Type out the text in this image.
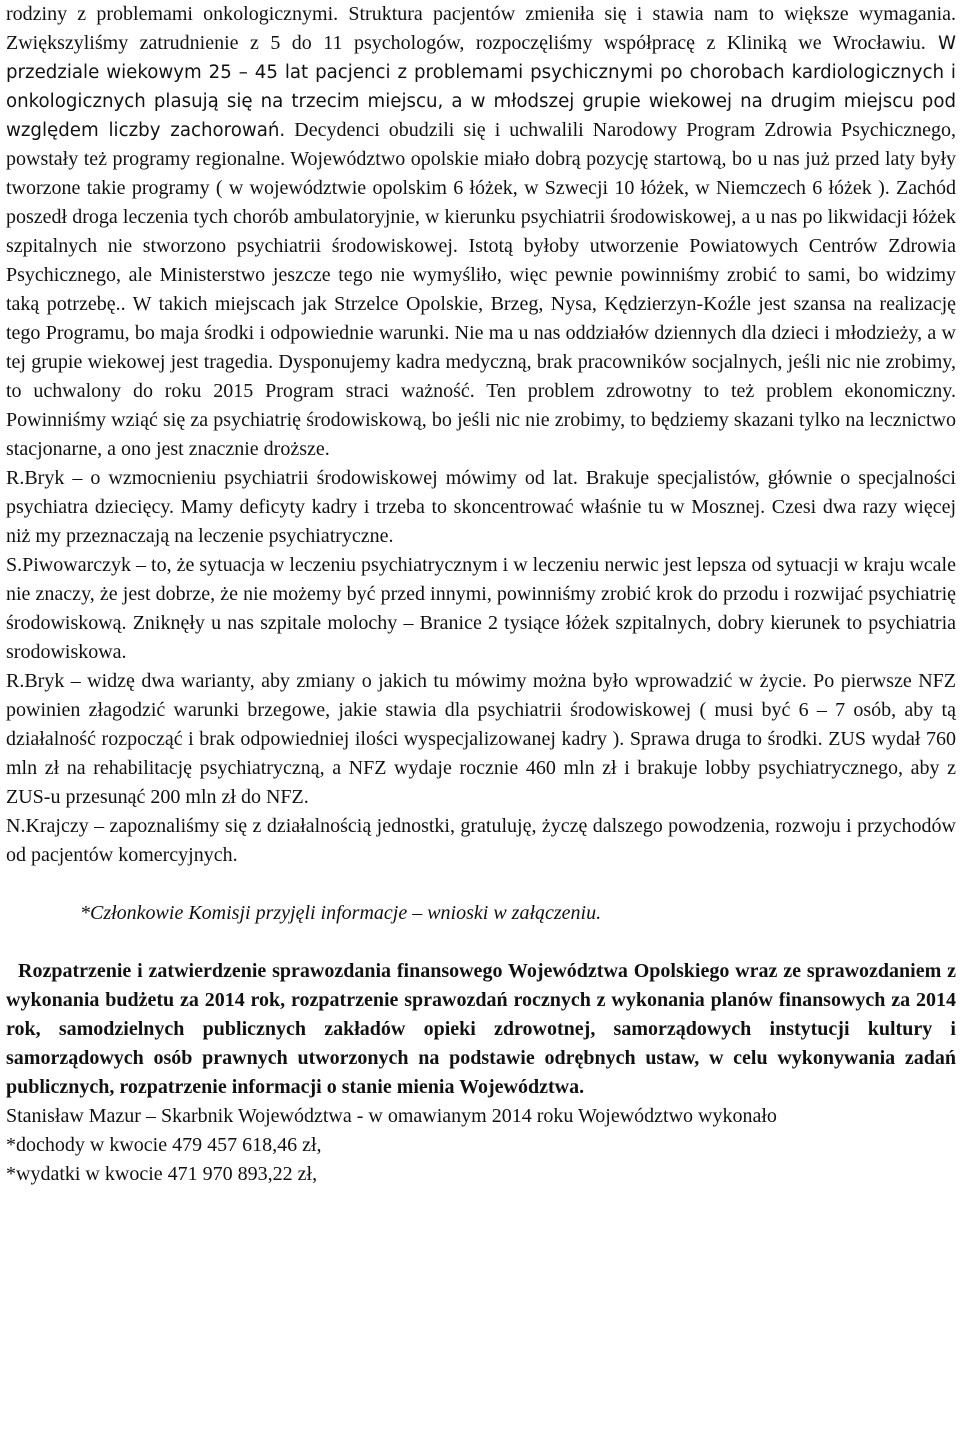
rodziny z problemami onkologicznymi. Struktura pacjentów zmieniła się i stawia nam to większe wymagania. Zwiększyliśmy zatrudnienie z 5 do 11 psychologów, rozpoczęliśmy współpracę z Kliniką we Wrocławiu. W przedziale wiekowym 25 – 45 lat pacjenci z problemami psychicznymi po chorobach kardiologicznych i onkologicznych plasują się na trzecim miejscu, a w młodszej grupie wiekowej na drugim miejscu pod względem liczby zachorowań. Decydenci obudzili się i uchwalili Narodowy Program Zdrowia Psychicznego, powstały też programy regionalne. Województwo opolskie miało dobrą pozycję startową, bo u nas już przed laty były tworzone takie programy ( w województwie opolskim 6 łóżek, w Szwecji 10 łóżek, w Niemczech 6 łóżek ). Zachód poszedł droga leczenia tych chorób ambulatoryjnie, w kierunku psychiatrii środowiskowej, a u nas po likwidacji łóżek szpitalnych nie stworzono psychiatrii środowiskowej. Istotą byłoby utworzenie Powiatowych Centrów Zdrowia Psychicznego, ale Ministerstwo jeszcze tego nie wymyśliło, więc pewnie powinniśmy zrobić to sami, bo widzimy taką potrzebę.. W takich miejscach jak Strzelce Opolskie, Brzeg, Nysa, Kędzierzyn-Koźle jest szansa na realizację tego Programu, bo maja środki i odpowiednie warunki. Nie ma u nas oddziałów dziennych dla dzieci i młodzieży, a w tej grupie wiekowej jest tragedia. Dysponujemy kadra medyczną, brak pracowników socjalnych, jeśli nic nie zrobimy, to uchwalony do roku 2015 Program straci ważność. Ten problem zdrowotny to też problem ekonomiczny. Powinniśmy wziąć się za psychiatrię środowiskową, bo jeśli nic nie zrobimy, to będziemy skazani tylko na lecznictwo stacjonarne, a ono jest znacznie droższe.

R.Bryk – o wzmocnieniu psychiatrii środowiskowej mówimy od lat. Brakuje specjalistów, głównie o specjalności psychiatra dziecięcy. Mamy deficyty kadry i trzeba to skoncentrować właśnie tu w Mosznej. Czesi dwa razy więcej niż my przeznaczają na leczenie psychiatryczne.

S.Piwowarczyk – to, że sytuacja w leczeniu psychiatrycznym i w leczeniu nerwic jest lepsza od sytuacji w kraju wcale nie znaczy, że jest dobrze, że nie możemy być przed innymi, powinniśmy zrobić krok do przodu i rozwijać psychiatrię środowiskową. Zniknęły u nas szpitale molochy – Branice 2 tysiące łóżek szpitalnych, dobry kierunek to psychiatria srodowiskowa.

R.Bryk – widzę dwa warianty, aby zmiany o jakich tu mówimy można było wprowadzić w życie. Po pierwsze NFZ powinien złagodzić warunki brzegowe, jakie stawia dla psychiatrii środowiskowej ( musi być 6 – 7 osób, aby tą działalność rozpocząć i brak odpowiedniej ilości wyspecjalizowanej kadry ). Sprawa druga to środki. ZUS wydał 760 mln zł na rehabilitację psychiatryczną, a NFZ wydaje rocznie 460 mln zł i brakuje lobby psychiatrycznego, aby z ZUS-u przesunąć 200 mln zł do NFZ.

N.Krajczy – zapoznaliśmy się z działalnością jednostki, gratuluję, życzę dalszego powodzenia, rozwoju i przychodów od pacjentów komercyjnych.

*Członkowie Komisji przyjęli informacje – wnioski w załączeniu.

Rozpatrzenie i zatwierdzenie sprawozdania finansowego Województwa Opolskiego wraz ze sprawozdaniem z wykonania budżetu za 2014 rok, rozpatrzenie sprawozdań rocznych z wykonania planów finansowych za 2014 rok, samodzielnych publicznych zakładów opieki zdrowotnej, samorządowych instytucji kultury i samorządowych osób prawnych utworzonych na podstawie odrębnych ustaw, w celu wykonywania zadań publicznych, rozpatrzenie informacji o stanie mienia Województwa.

Stanisław Mazur – Skarbnik Województwa - w omawianym 2014 roku Województwo wykonało

*dochody w kwocie 479 457 618,46 zł,

*wydatki w kwocie 471 970 893,22 zł,
